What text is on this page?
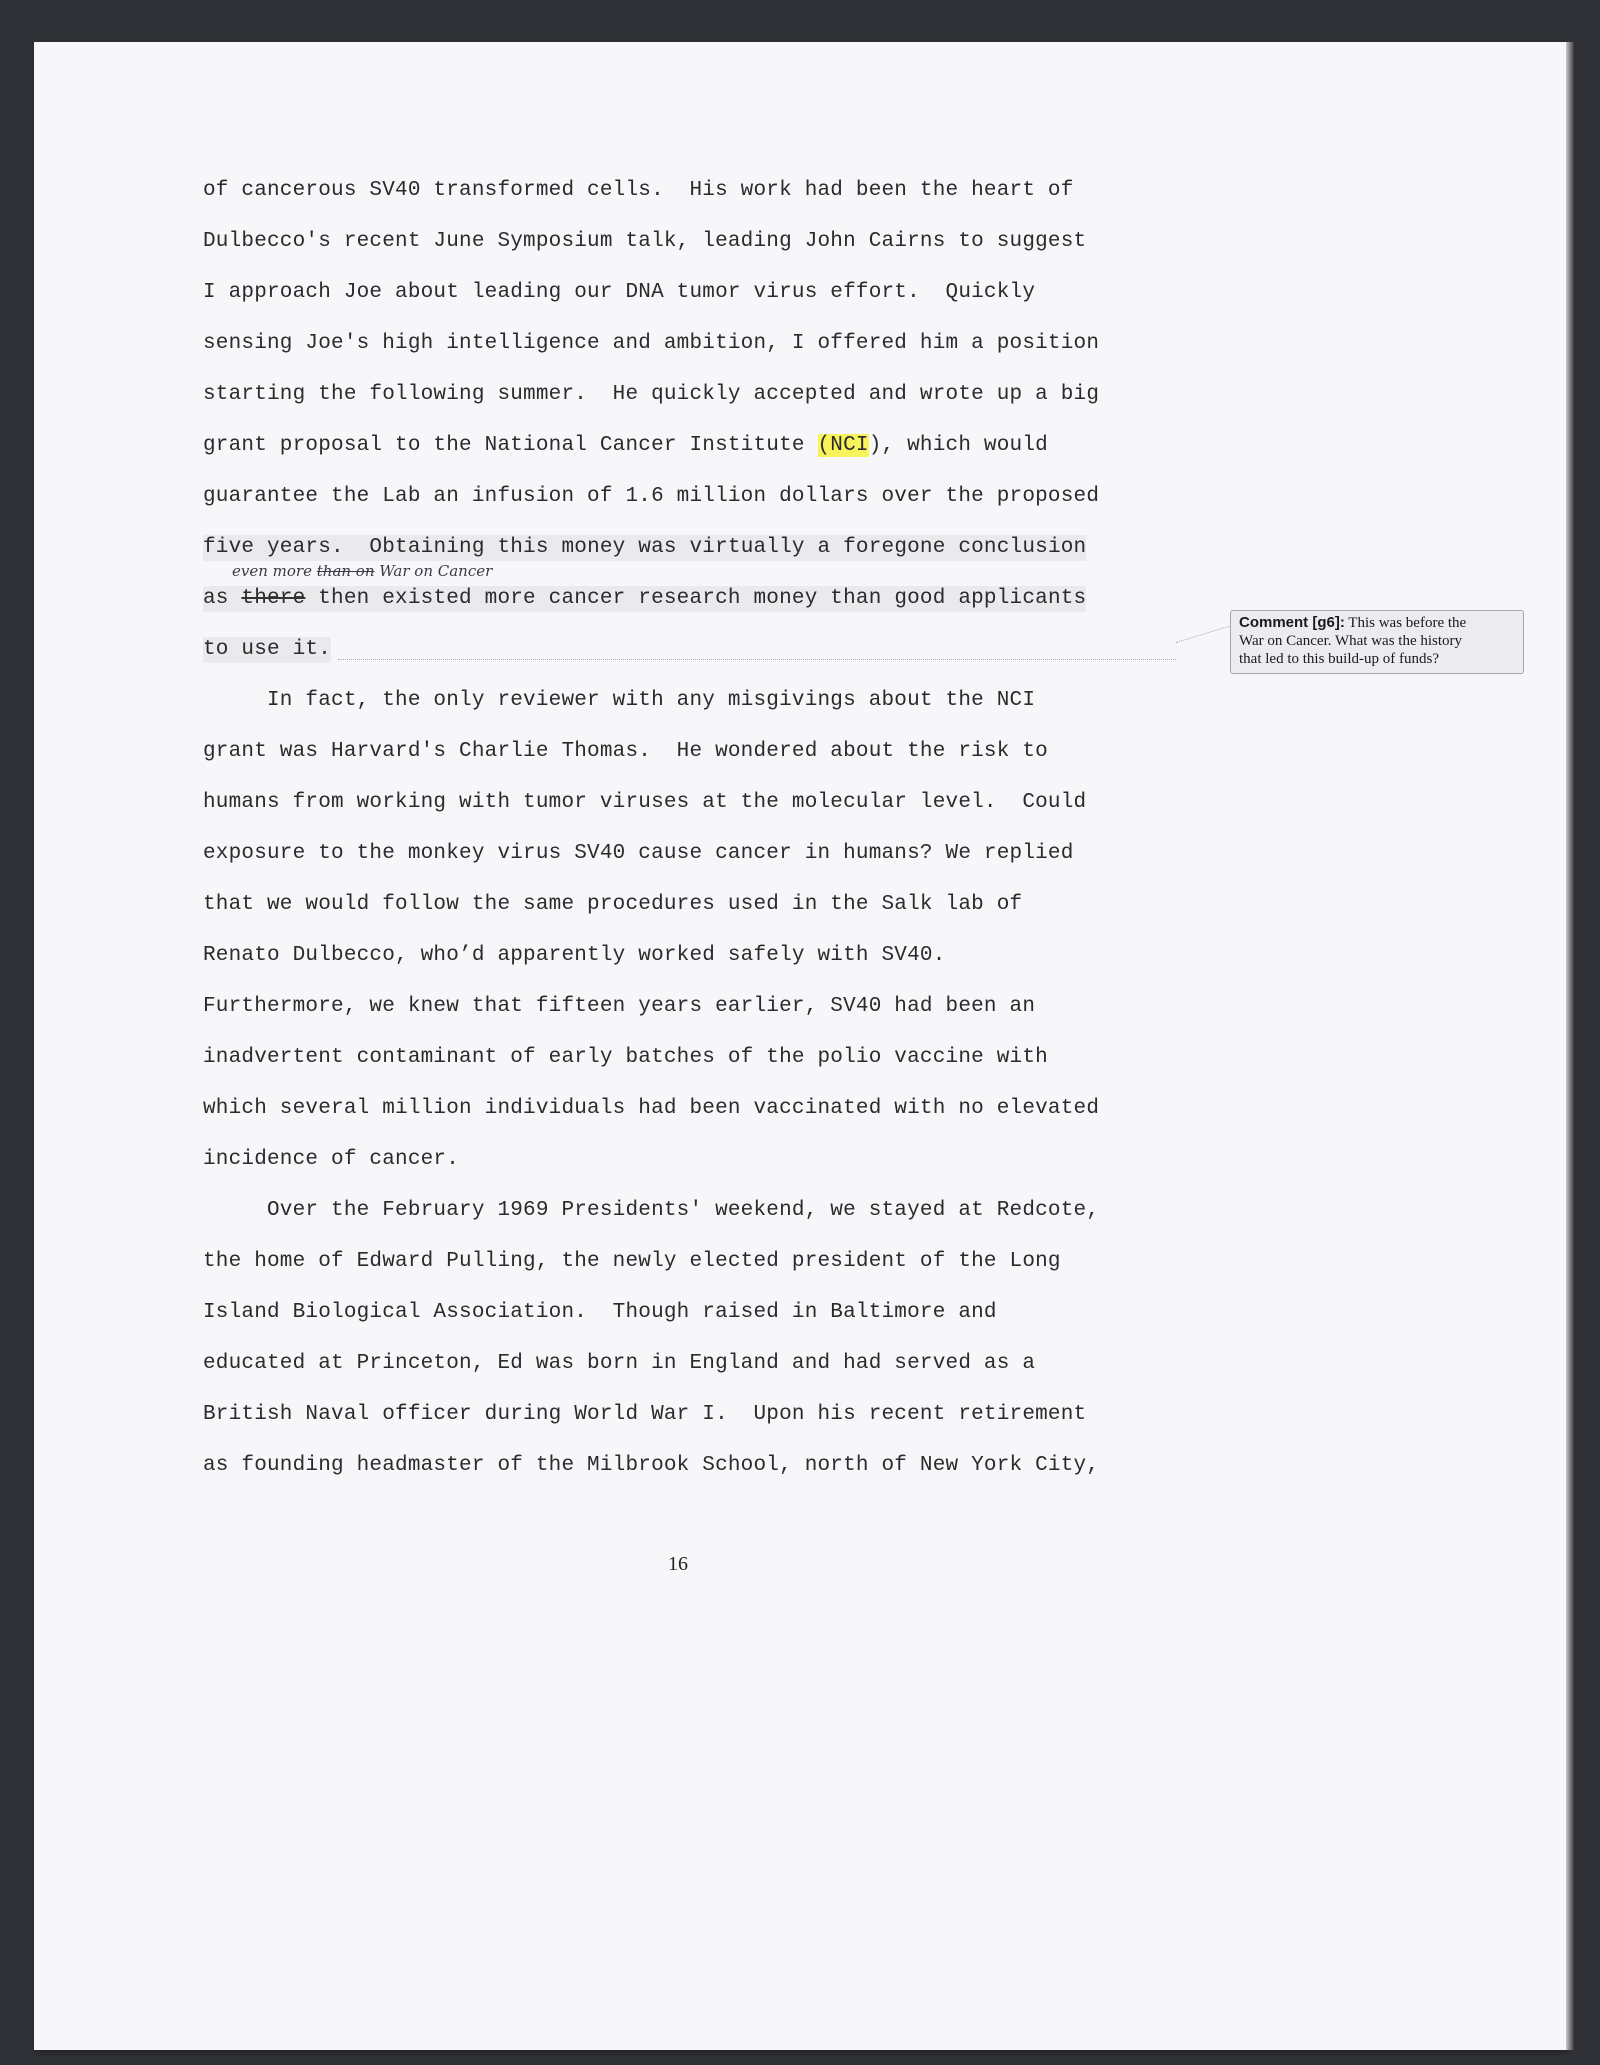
of cancerous SV40 transformed cells.  His work had been the heart of
Dulbecco's recent June Symposium talk, leading John Cairns to suggest
I approach Joe about leading our DNA tumor virus effort.  Quickly
sensing Joe's high intelligence and ambition, I offered him a position
starting the following summer.  He quickly accepted and wrote up a big
grant proposal to the National Cancer Institute (NCI), which would
guarantee the Lab an infusion of 1.6 million dollars over the proposed
five years.  Obtaining this money was virtually a foregone conclusion
even more than on War on Cancer
as there then existed more cancer research money than good applicants
to use it.
Comment [g6]: This was before the
War on Cancer. What was the history
that led to this build-up of funds?
In fact, the only reviewer with any misgivings about the NCI
grant was Harvard's Charlie Thomas.  He wondered about the risk to
humans from working with tumor viruses at the molecular level.  Could
exposure to the monkey virus SV40 cause cancer in humans? We replied
that we would follow the same procedures used in the Salk lab of
Renato Dulbecco, who’d apparently worked safely with SV40.
Furthermore, we knew that fifteen years earlier, SV40 had been an
inadvertent contaminant of early batches of the polio vaccine with
which several million individuals had been vaccinated with no elevated
incidence of cancer.
Over the February 1969 Presidents' weekend, we stayed at Redcote,
the home of Edward Pulling, the newly elected president of the Long
Island Biological Association.  Though raised in Baltimore and
educated at Princeton, Ed was born in England and had served as a
British Naval officer during World War I.  Upon his recent retirement
as founding headmaster of the Milbrook School, north of New York City,
16
